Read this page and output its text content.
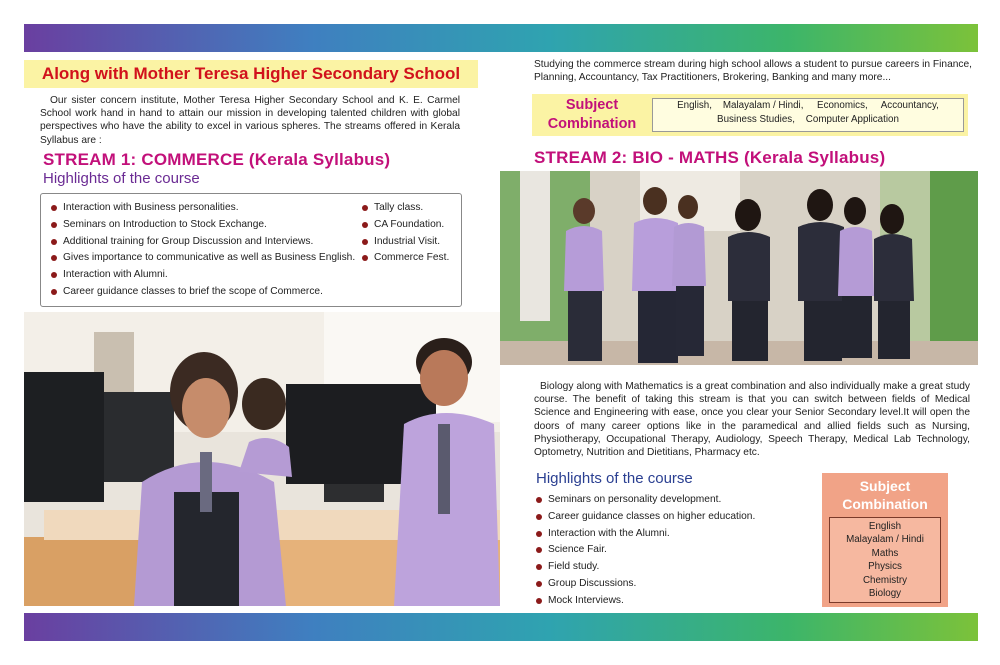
Along with Mother Teresa Higher Secondary School
Our sister concern institute, Mother Teresa Higher Secondary School and K. E. Carmel School work hand in hand to attain our mission in developing talented children with global perspectives who have the ability to excel in various spheres. The streams offered in Kerala Syllabus are :
STREAM 1: COMMERCE (Kerala Syllabus)
Highlights of the course
Interaction with Business personalities.
Seminars on Introduction to Stock Exchange.
Additional training for Group Discussion and Interviews.
Gives importance to communicative as well as Business English.
Interaction with Alumni.
Career guidance classes to brief the scope of Commerce.
Tally class.
CA Foundation.
Industrial Visit.
Commerce Fest.
Studying the commerce stream during high school allows a student to pursue careers in Finance, Planning, Accountancy, Tax Practitioners, Brokering, Banking and many more...
Subject Combination
English,    Malayalam / Hindi,     Economics,     Accountancy,
Business Studies,    Computer Application
STREAM 2: BIO - MATHS (Kerala Syllabus)
Biology along with Mathematics is a great combination and also individually make a great study course. The benefit of taking this stream is that you can switch between fields of Medical Science and Engineering with ease, once you clear your Senior Secondary level.It will open the doors of many career options like in the paramedical and allied fields such as Nursing, Physiotherapy, Occupational Therapy, Audiology, Speech Therapy, Medical Lab Technology, Optometry, Nutrition and Dietitians, Pharmacy etc.
Highlights of the course
Seminars on personality development.
Career guidance classes on higher education.
Interaction with the Alumni.
Science Fair.
Field study.
Group Discussions.
Mock Interviews.
Subject Combination
English
Malayalam / Hindi
Maths
Physics
Chemistry
Biology
